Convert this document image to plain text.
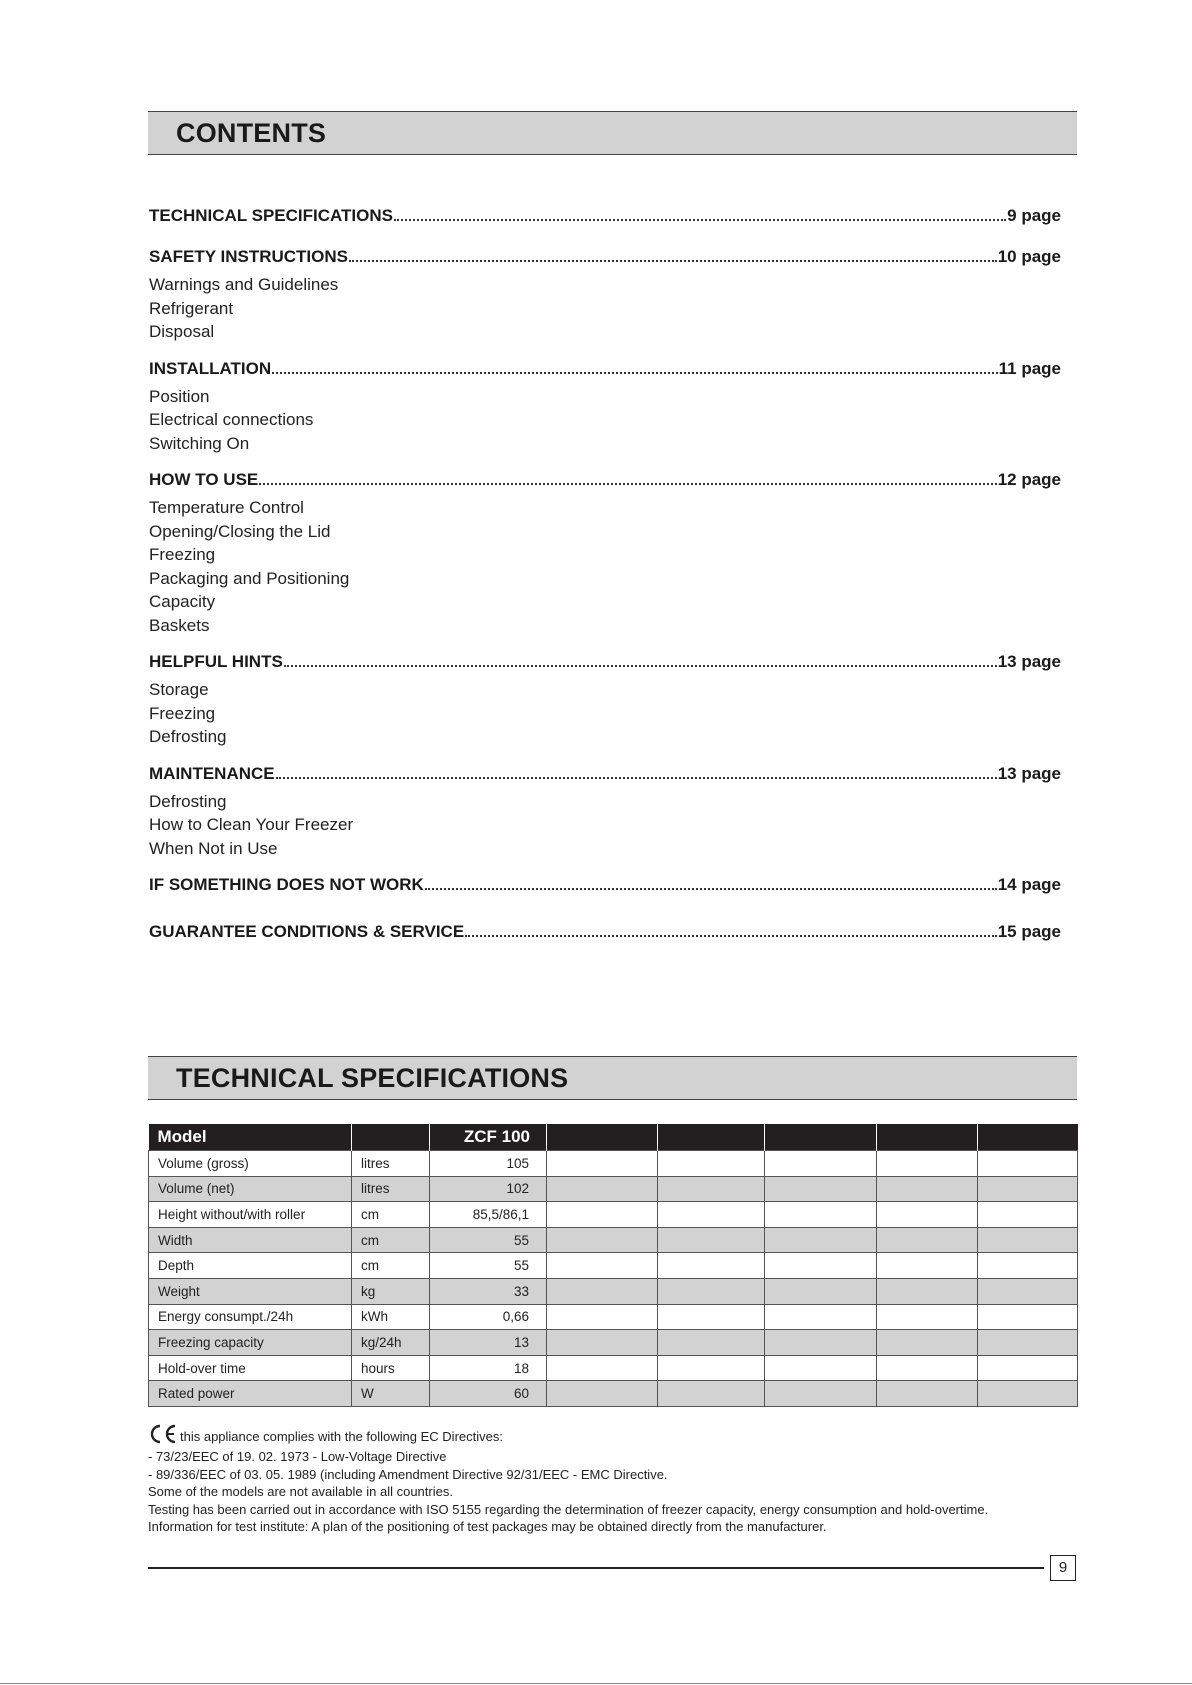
CONTENTS
TECHNICAL SPECIFICATIONS	9 page
SAFETY INSTRUCTIONS	10 page
Warnings and Guidelines
Refrigerant
Disposal
INSTALLATION	11 page
Position
Electrical connections
Switching On
HOW TO USE	12 page
Temperature Control
Opening/Closing the Lid
Freezing
Packaging and Positioning
Capacity
Baskets
HELPFUL HINTS	13 page
Storage
Freezing
Defrosting
MAINTENANCE	13 page
Defrosting
How to Clean Your Freezer
When Not in Use
IF SOMETHING DOES NOT WORK	14 page
GUARANTEE CONDITIONS & SERVICE	15 page
TECHNICAL SPECIFICATIONS
Model		ZCF 100					
Volume (gross)	litres	105					
Volume (net)	litres	102					
Height without/with roller	cm	85,5/86,1					
Width	cm	55					
Depth	cm	55					
Weight	kg	33					
Energy consumpt./24h	kWh	0,66					
Freezing capacity	kg/24h	13					
Hold-over time	hours	18					
Rated power	W	60					
this appliance complies with the following EC Directives:
- 73/23/EEC of 19. 02. 1973 - Low-Voltage Directive
- 89/336/EEC of 03. 05. 1989 (including Amendment Directive 92/31/EEC - EMC Directive.
Some of the models are not available in all countries.
Testing has been carried out in accordance with ISO 5155 regarding the determination of freezer capacity, energy consumption and hold-overtime.
Information for test institute: A plan of the positioning of test packages may be obtained directly from the manufacturer.
9
